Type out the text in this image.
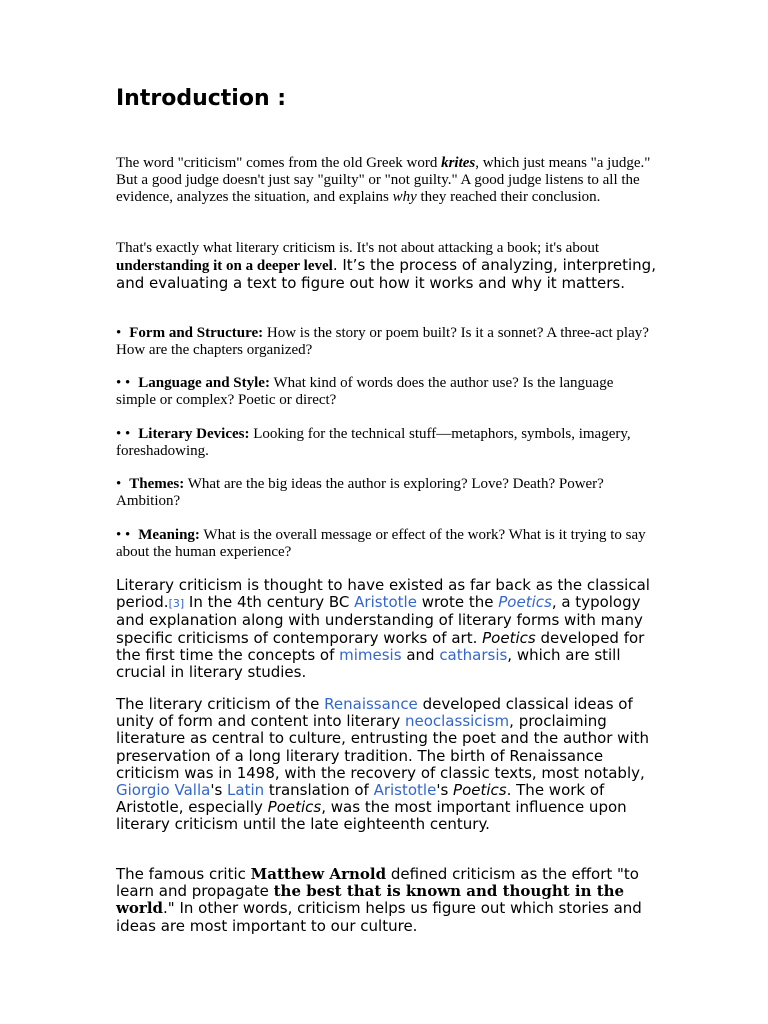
Introduction :

The word "criticism" comes from the old Greek word krites, which just means "a judge." But a good judge doesn't just say "guilty" or "not guilty." A good judge listens to all the evidence, analyzes the situation, and explains why they reached their conclusion.

That's exactly what literary criticism is. It's not about attacking a book; it's about understanding it on a deeper level. It’s the process of analyzing, interpreting, and evaluating a text to figure out how it works and why it matters.

• Form and Structure: How is the story or poem built? Is it a sonnet? A three-act play? How are the chapters organized?

• • Language and Style: What kind of words does the author use? Is the language simple or complex? Poetic or direct?

• • Literary Devices: Looking for the technical stuff—metaphors, symbols, imagery, foreshadowing.

• Themes: What are the big ideas the author is exploring? Love? Death? Power? Ambition?

• • Meaning: What is the overall message or effect of the work? What is it trying to say about the human experience?

Literary criticism is thought to have existed as far back as the classical period.[3] In the 4th century BC Aristotle wrote the Poetics, a typology and explanation along with understanding of literary forms with many specific criticisms of contemporary works of art. Poetics developed for the first time the concepts of mimesis and catharsis, which are still crucial in literary studies.

The literary criticism of the Renaissance developed classical ideas of unity of form and content into literary neoclassicism, proclaiming literature as central to culture, entrusting the poet and the author with preservation of a long literary tradition. The birth of Renaissance criticism was in 1498, with the recovery of classic texts, most notably, Giorgio Valla's Latin translation of Aristotle's Poetics. The work of Aristotle, especially Poetics, was the most important influence upon literary criticism until the late eighteenth century.

The famous critic Matthew Arnold defined criticism as the effort "to learn and propagate the best that is known and thought in the world." In other words, criticism helps us figure out which stories and ideas are most important to our culture.
